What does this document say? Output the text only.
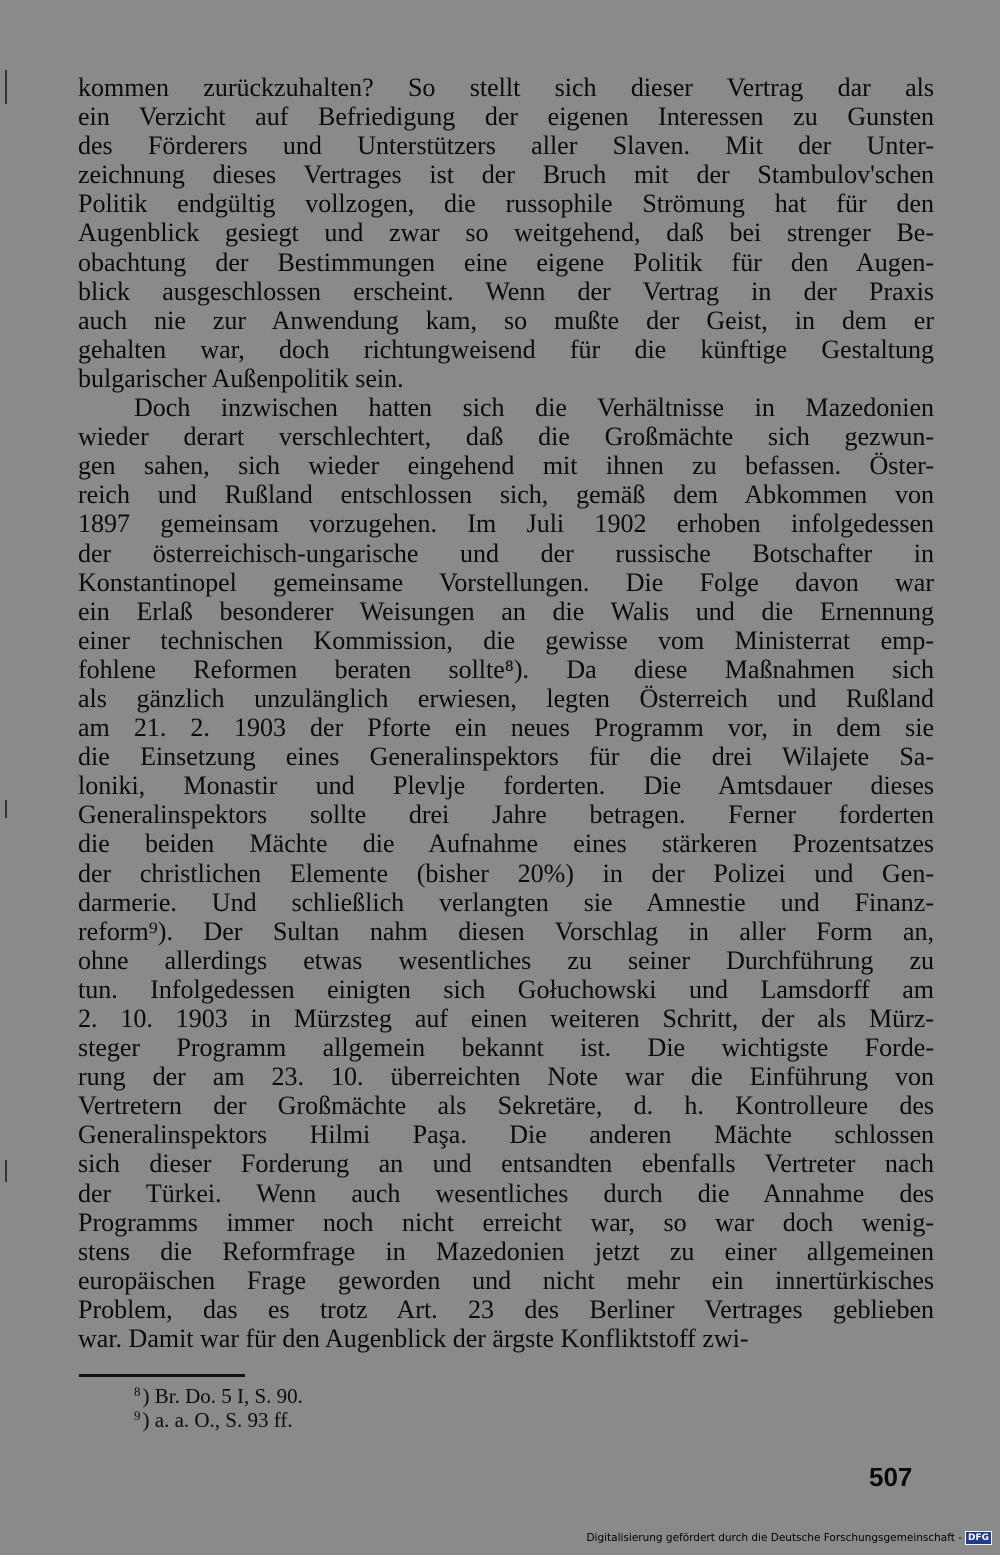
kommen zurückzuhalten? So stellt sich dieser Vertrag dar als
ein Verzicht auf Befriedigung der eigenen Interessen zu Gunsten
des Förderers und Unterstützers aller Slaven. Mit der Unter-
zeichnung dieses Vertrages ist der Bruch mit der Stambulov'schen
Politik endgültig vollzogen, die russophile Strömung hat für den
Augenblick gesiegt und zwar so weitgehend, daß bei strenger Be-
obachtung der Bestimmungen eine eigene Politik für den Augen-
blick ausgeschlossen erscheint. Wenn der Vertrag in der Praxis
auch nie zur Anwendung kam, so mußte der Geist, in dem er
gehalten war, doch richtungweisend für die künftige Gestaltung
bulgarischer Außenpolitik sein.
Doch inzwischen hatten sich die Verhältnisse in Mazedonien
wieder derart verschlechtert, daß die Großmächte sich gezwun-
gen sahen, sich wieder eingehend mit ihnen zu befassen. Öster-
reich und Rußland entschlossen sich, gemäß dem Abkommen von
1897 gemeinsam vorzugehen. Im Juli 1902 erhoben infolgedessen
der österreichisch-ungarische und der russische Botschafter in
Konstantinopel gemeinsame Vorstellungen. Die Folge davon war
ein Erlaß besonderer Weisungen an die Walis und die Ernennung
einer technischen Kommission, die gewisse vom Ministerrat emp-
fohlene Reformen beraten sollte⁸). Da diese Maßnahmen sich
als gänzlich unzulänglich erwiesen, legten Österreich und Rußland
am 21. 2. 1903 der Pforte ein neues Programm vor, in dem sie
die Einsetzung eines Generalinspektors für die drei Wilajete Sa-
loniki, Monastir und Plevlje forderten. Die Amtsdauer dieses
Generalinspektors sollte drei Jahre betragen. Ferner forderten
die beiden Mächte die Aufnahme eines stärkeren Prozentsatzes
der christlichen Elemente (bisher 20%) in der Polizei und Gen-
darmerie. Und schließlich verlangten sie Amnestie und Finanz-
reform⁹). Der Sultan nahm diesen Vorschlag in aller Form an,
ohne allerdings etwas wesentliches zu seiner Durchführung zu
tun. Infolgedessen einigten sich Gołuchowski und Lamsdorff am
2. 10. 1903 in Mürzsteg auf einen weiteren Schritt, der als Mürz-
steger Programm allgemein bekannt ist. Die wichtigste Forde-
rung der am 23. 10. überreichten Note war die Einführung von
Vertretern der Großmächte als Sekretäre, d. h. Kontrolleure des
Generalinspektors Hilmi Paşa. Die anderen Mächte schlossen
sich dieser Forderung an und entsandten ebenfalls Vertreter nach
der Türkei. Wenn auch wesentliches durch die Annahme des
Programms immer noch nicht erreicht war, so war doch wenig-
stens die Reformfrage in Mazedonien jetzt zu einer allgemeinen
europäischen Frage geworden und nicht mehr ein innertürkisches
Problem, das es trotz Art. 23 des Berliner Vertrages geblieben
war. Damit war für den Augenblick der ärgste Konfliktstoff zwi-
$^8$) Br. Do. 5 I, S. 90.
$^9$) a. a. O., S. 93 ff.
507
Digitalisierung gefördert durch die Deutsche Forschungsgemeinschaft - DFG
